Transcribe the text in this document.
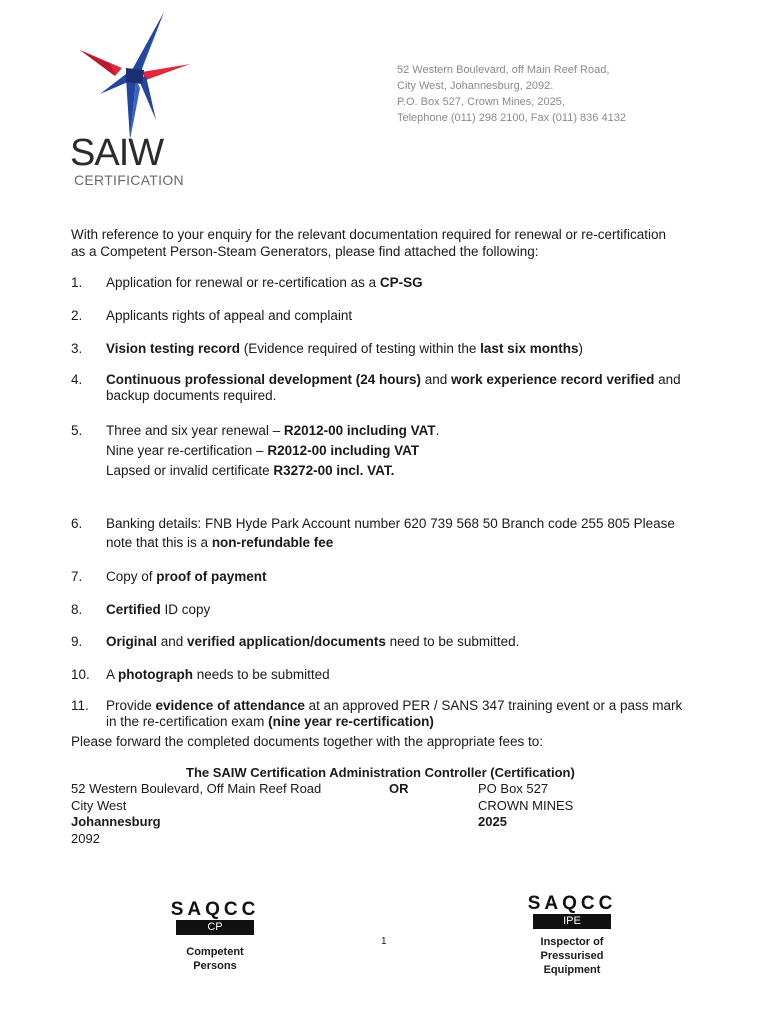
SAIW
CERTIFICATION
52 Western Boulevard, off Main Reef Road,
City West, Johannesburg, 2092.
P.O. Box 527, Crown Mines, 2025,
Telephone (011) 298 2100, Fax (011) 836 4132
With reference to your enquiry for the relevant documentation required for renewal or re-certification
as a Competent Person-Steam Generators, please find attached the following:
1. Application for renewal or re-certification as a CP-SG
2. Applicants rights of appeal and complaint
3. Vision testing record (Evidence required of testing within the last six months)
4. Continuous professional development (24 hours) and work experience record verified and
backup documents required.
5. Three and six year renewal – R2012-00 including VAT.
Nine year re-certification – R2012-00 including VAT
Lapsed or invalid certificate R3272-00 incl. VAT.
6. Banking details: FNB Hyde Park Account number 620 739 568 50 Branch code 255 805 Please
note that this is a non-refundable fee
7. Copy of proof of payment
8. Certified ID copy
9. Original and verified application/documents need to be submitted.
10. A photograph needs to be submitted
11. Provide evidence of attendance at an approved PER / SANS 347 training event or a pass mark
in the re-certification exam (nine year re-certification)
Please forward the completed documents together with the appropriate fees to:
The SAIW Certification Administration Controller (Certification)
52 Western Boulevard, Off Main Reef Road
City West
Johannesburg
2092
OR	PO Box 527
CROWN MINES
2025
SAQCC
CP
Competent
Persons
1
SAQCC
IPE
Inspector of
Pressurised
Equipment
